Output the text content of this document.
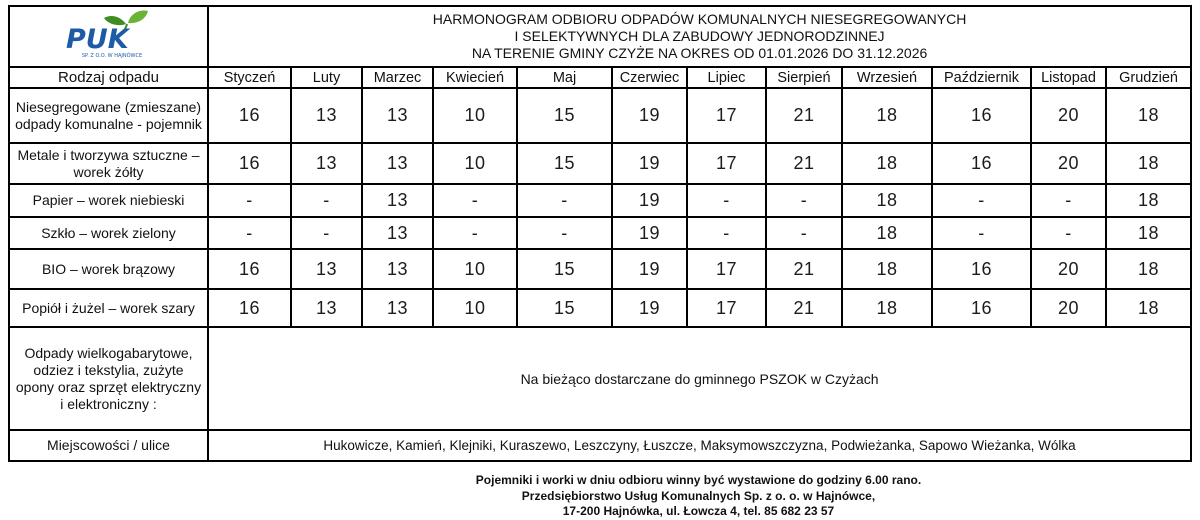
PUK
SP. Z O.O. W HAJNÓWCE

HARMONOGRAM ODBIORU ODPADÓW KOMUNALNYCH NIESEGREGOWANYCH
I SELEKTYWNYCH DLA ZABUDOWY JEDNORODZINNEJ
NA TERENIE GMINY CZYŻE NA OKRES OD 01.01.2026 DO 31.12.2026

Rodzaj odpadu	Styczeń	Luty	Marzec	Kwiecień	Maj	Czerwiec	Lipiec	Sierpień	Wrzesień	Październik	Listopad	Grudzień
Niesegregowane (zmieszane) odpady komunalne - pojemnik	16	13	13	10	15	19	17	21	18	16	20	18
Metale i tworzywa sztuczne – worek żółty	16	13	13	10	15	19	17	21	18	16	20	18
Papier – worek niebieski	-	-	13	-	-	19	-	-	18	-	-	18
Szkło – worek zielony	-	-	13	-	-	19	-	-	18	-	-	18
BIO – worek brązowy	16	13	13	10	15	19	17	21	18	16	20	18
Popiół i żużel – worek szary	16	13	13	10	15	19	17	21	18	16	20	18
Odpady wielkogabarytowe, odziez i tekstylia, zużyte opony oraz sprzęt elektryczny i elektroniczny :	Na bieżąco dostarczane do gminnego PSZOK w Czyżach											
Miejscowości / ulice	Hukowicze, Kamień, Klejniki, Kuraszewo, Leszczyny, Łuszcze, Maksymowszczyzna, Podwieżanka, Sapowo Wieżanka, Wólka											
Pojemniki i worki w dniu odbioru winny być wystawione do godziny 6.00 rano.
Przedsiębiorstwo Usług Komunalnych Sp. z o. o. w Hajnówce,
17-200 Hajnówka, ul. Łowcza 4, tel. 85 682 23 57
